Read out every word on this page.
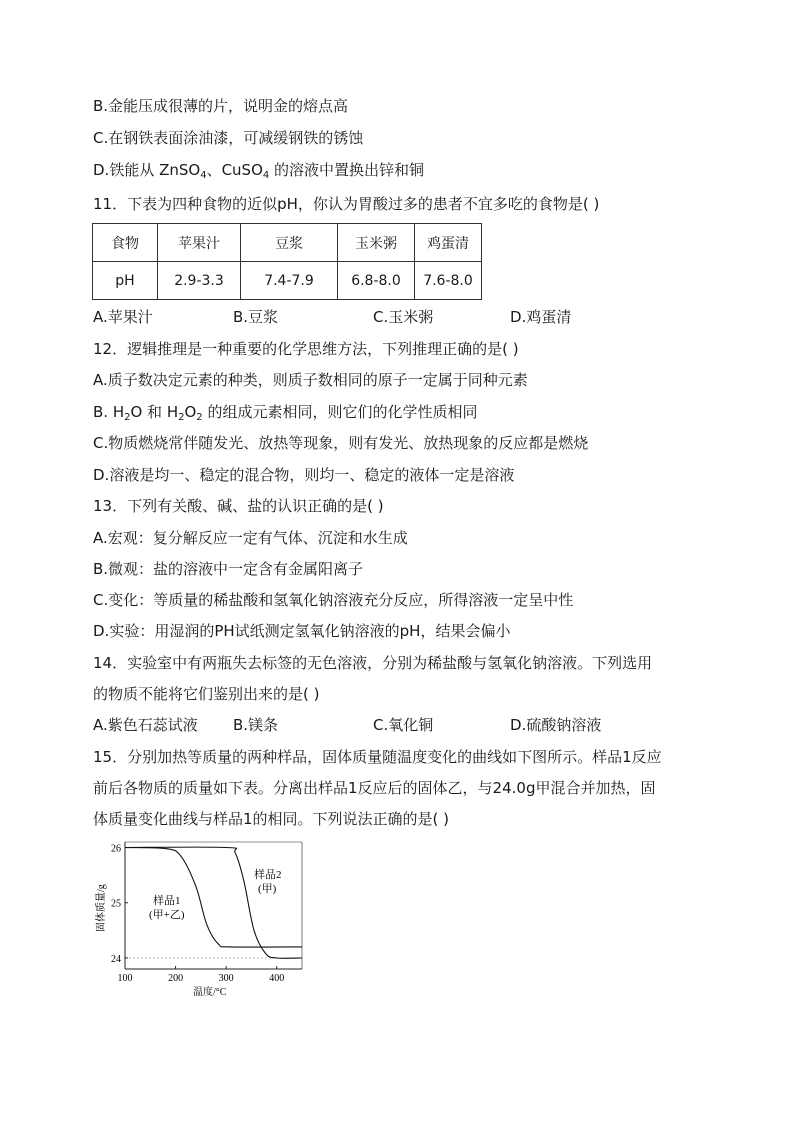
B.金能压成很薄的片，说明金的熔点高
C.在钢铁表面涂油漆，可减缓钢铁的锈蚀
D.铁能从 ZnSO$_4$、CuSO$_4$ 的溶液中置换出锌和铜
11．下表为四种食物的近似pH，你认为胃酸过多的患者不宜多吃的食物是( )
食物	苹果汁	豆浆	玉米粥	鸡蛋清
pH	2.9-3.3	7.4-7.9	6.8-8.0	7.6-8.0
A.苹果汁	B.豆浆	C.玉米粥	D.鸡蛋清
12．逻辑推理是一种重要的化学思维方法，下列推理正确的是( )
A.质子数决定元素的种类，则质子数相同的原子一定属于同种元素
B. $H_2O$ 和 $H_2O_2$ 的组成元素相同，则它们的化学性质相同
C.物质燃烧常伴随发光、放热等现象，则有发光、放热现象的反应都是燃烧
D.溶液是均一、稳定的混合物，则均一、稳定的液体一定是溶液
13．下列有关酸、碱、盐的认识正确的是( )
A.宏观：复分解反应一定有气体、沉淀和水生成
B.微观：盐的溶液中一定含有金属阳离子
C.变化：等质量的稀盐酸和氢氧化钠溶液充分反应，所得溶液一定呈中性
D.实验：用湿润的PH试纸测定氢氧化钠溶液的pH，结果会偏小
14．实验室中有两瓶失去标签的无色溶液，分别为稀盐酸与氢氧化钠溶液。下列选用
的物质不能将它们鉴别出来的是( )
A.紫色石蕊试液 B.镁条	C.氧化铜	D.硫酸钠溶液
15．分别加热等质量的两种样品，固体质量随温度变化的曲线如下图所示。样品1反应
前后各物质的质量如下表。分离出样品1反应后的固体乙，与24.0g甲混合并加热，固
体质量变化曲线与样品1的相同。下列说法正确的是( )
100	200	300	400
24
25
26
样品1
(甲+乙)
样品2
(甲)
固体质量/g
温度/°C
